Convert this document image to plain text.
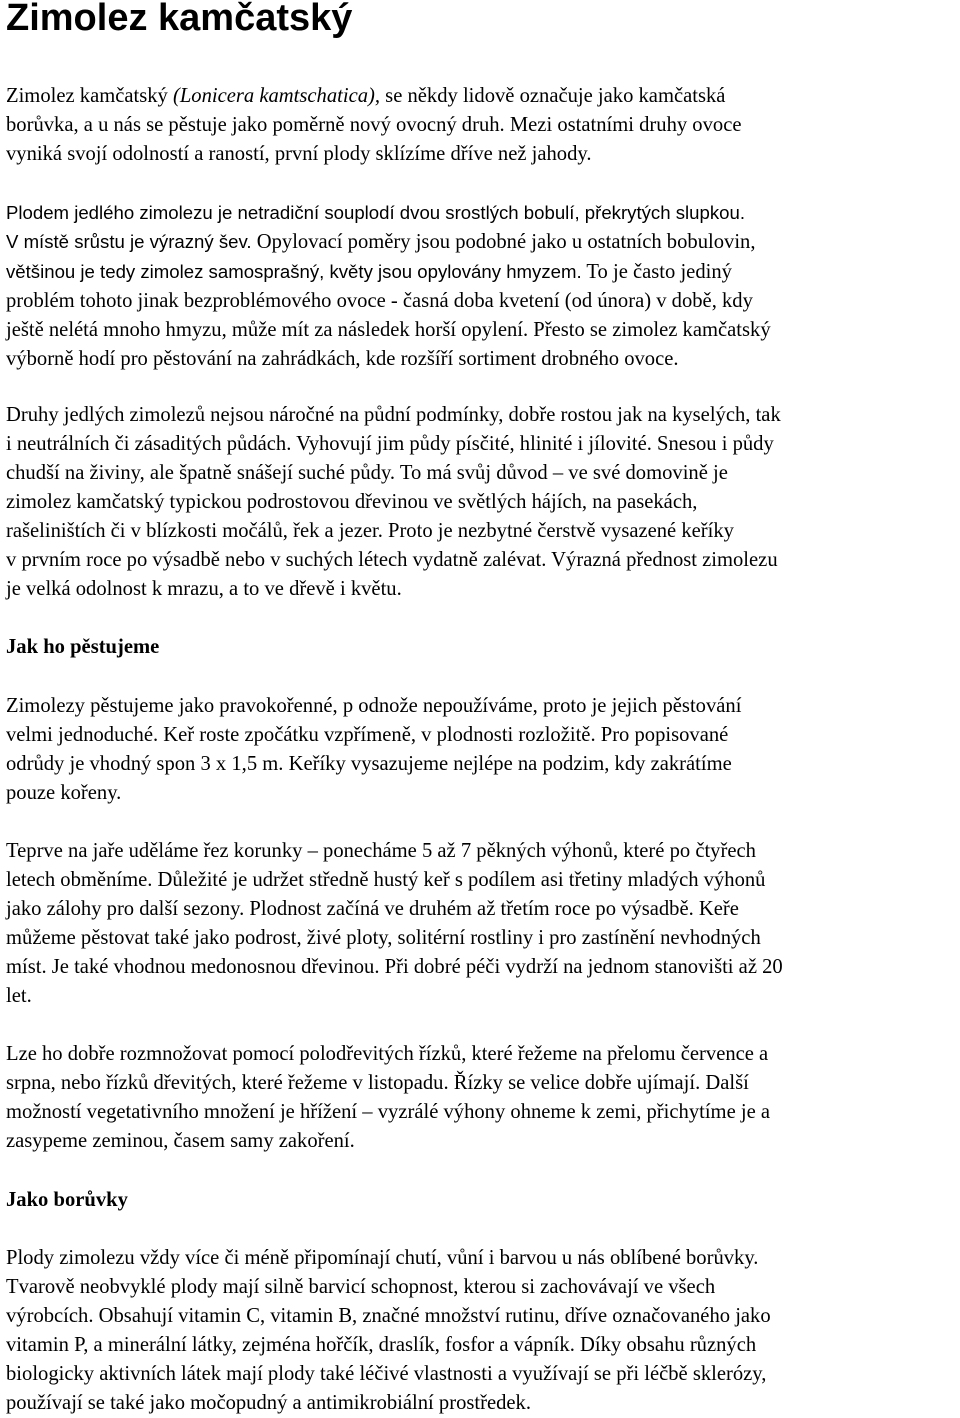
Zimolez kamčatský
Zimolez kamčatský (Lonicera kamtschatica), se někdy lidově označuje jako kamčatská
borůvka, a u nás se pěstuje jako poměrně nový ovocný druh. Mezi ostatními druhy ovoce
vyniká svojí odolností a raností, první plody sklízíme dříve než jahody.
Plodem jedlého zimolezu je netradiční souplodí dvou srostlých bobulí, překrytých slupkou.
V místě srůstu je výrazný šev. Opylovací poměry jsou podobné jako u ostatních bobulovin,
většinou je tedy zimolez samosprašný, květy jsou opylovány hmyzem. To je často jediný
problém tohoto jinak bezproblémového ovoce - časná doba kvetení (od února) v době, kdy
ještě nelétá mnoho hmyzu, může mít za následek horší opylení. Přesto se zimolez kamčatský
výborně hodí pro pěstování na zahrádkách, kde rozšíří sortiment drobného ovoce.
Druhy jedlých zimolezů nejsou náročné na půdní podmínky, dobře rostou jak na kyselých, tak
i neutrálních či zásaditých půdách. Vyhovují jim půdy písčité, hlinité i jílovité. Snesou i půdy
chudší na živiny, ale špatně snášejí suché půdy. To má svůj důvod – ve své domovině je
zimolez kamčatský typickou podrostovou dřevinou ve světlých hájích, na pasekách,
rašeliništích či v blízkosti močálů, řek a jezer. Proto je nezbytné čerstvě vysazené keříky
v prvním roce po výsadbě nebo v suchých létech vydatně zalévat. Výrazná přednost zimolezu
je velká odolnost k mrazu, a to ve dřevě i květu.
Jak ho pěstujeme
Zimolezy pěstujeme jako pravokořenné, p odnože nepoužíváme, proto je jejich pěstování
velmi jednoduché. Keř roste zpočátku vzpřímeně, v plodnosti rozložitě. Pro popisované
odrůdy je vhodný spon 3 x 1,5 m. Keříky vysazujeme nejlépe na podzim, kdy zakrátíme
pouze kořeny.
Teprve na jaře uděláme řez korunky – ponecháme 5 až 7 pěkných výhonů, které po čtyřech
letech obměníme. Důležité je udržet středně hustý keř s podílem asi třetiny mladých výhonů
jako zálohy pro další sezony. Plodnost začíná ve druhém až třetím roce po výsadbě. Keře
můžeme pěstovat také jako podrost, živé ploty, solitérní rostliny i pro zastínění nevhodných
míst. Je také vhodnou medonosnou dřevinou. Při dobré péči vydrží na jednom stanovišti až 20
let.
Lze ho dobře rozmnožovat pomocí polodřevitých řízků, které řežeme na přelomu července a
srpna, nebo řízků dřevitých, které řežeme v listopadu. Řízky se velice dobře ujímají. Další
možností vegetativního množení je hřížení – vyzrálé výhony ohneme k zemi, přichytíme je a
zasypeme zeminou, časem samy zakoření.
Jako borůvky
Plody zimolezu vždy více či méně připomínají chutí, vůní i barvou u nás oblíbené borůvky.
Tvarově neobvyklé plody mají silně barvicí schopnost, kterou si zachovávají ve všech
výrobcích. Obsahují vitamin C, vitamin B, značné množství rutinu, dříve označovaného jako
vitamin P, a minerální látky, zejména hořčík, draslík, fosfor a vápník. Díky obsahu různých
biologicky aktivních látek mají plody také léčivé vlastnosti a využívají se při léčbě sklerózy,
používají se také jako močopudný a antimikrobiální prostředek.
